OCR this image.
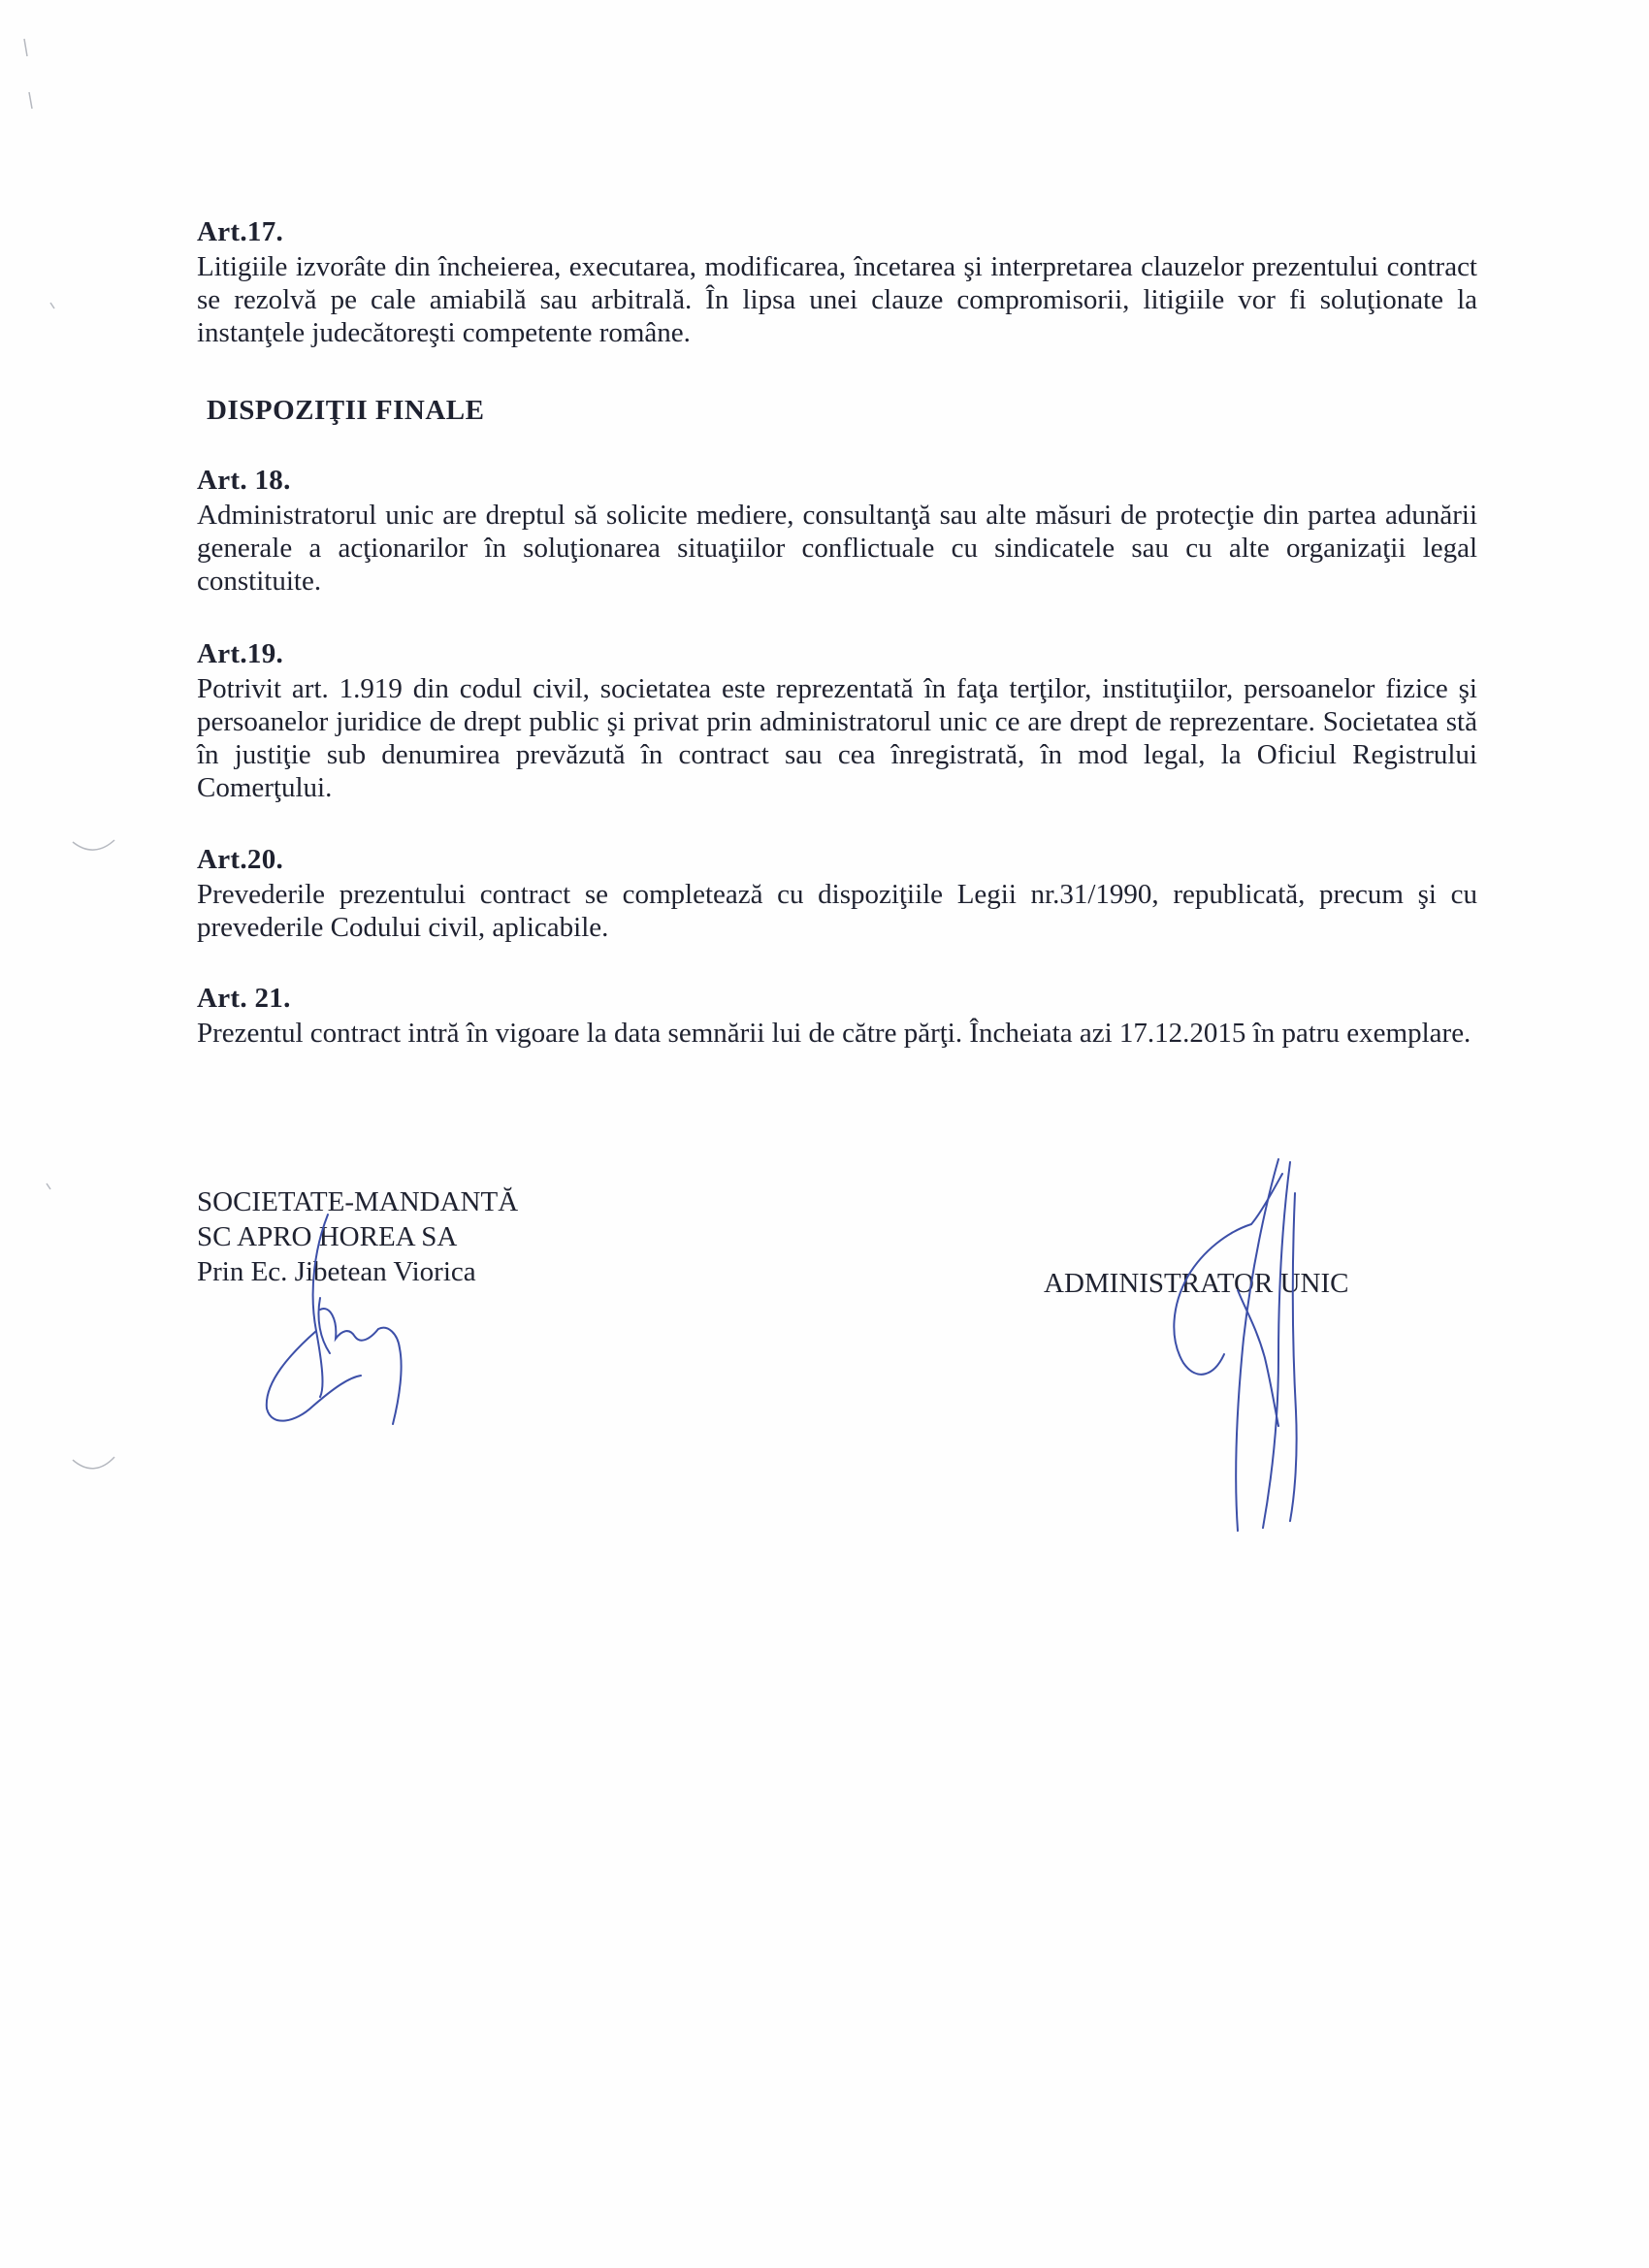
Art.17.

Litigiile izvorâte din încheierea, executarea, modificarea, încetarea şi interpretarea clauzelor prezentului contract se rezolvă pe cale amiabilă sau arbitrală. În lipsa unei clauze compromisorii, litigiile vor fi soluţionate la instanţele judecătoreşti competente române.

DISPOZIŢII FINALE
Art. 18.

Administratorul unic are dreptul să solicite mediere, consultanţă sau alte măsuri de protecţie din partea adunării generale a acţionarilor în soluţionarea situaţiilor conflictuale cu sindicatele sau cu alte organizaţii legal constituite.

Art.19.

Potrivit art. 1.919 din codul civil, societatea este reprezentată în faţa terţilor, instituţiilor, persoanelor fizice şi persoanelor juridice de drept public şi privat prin administratorul unic ce are drept de reprezentare. Societatea stă în justiţie sub denumirea prevăzută în contract sau cea înregistrată, în mod legal, la Oficiul Registrului Comerţului.

Art.20.

Prevederile prezentului contract se completează cu dispoziţiile Legii nr.31/1990, republicată, precum şi cu prevederile Codului civil, aplicabile.

Art. 21.

Prezentul contract intră în vigoare la data semnării lui de către părţi. Încheiata azi 17.12.2015 în patru exemplare.

SOCIETATE-MANDANTĂ
SC APRO HOREA SA
Prin Ec. Jibetean Viorica	ADMINISTRATOR UNIC
